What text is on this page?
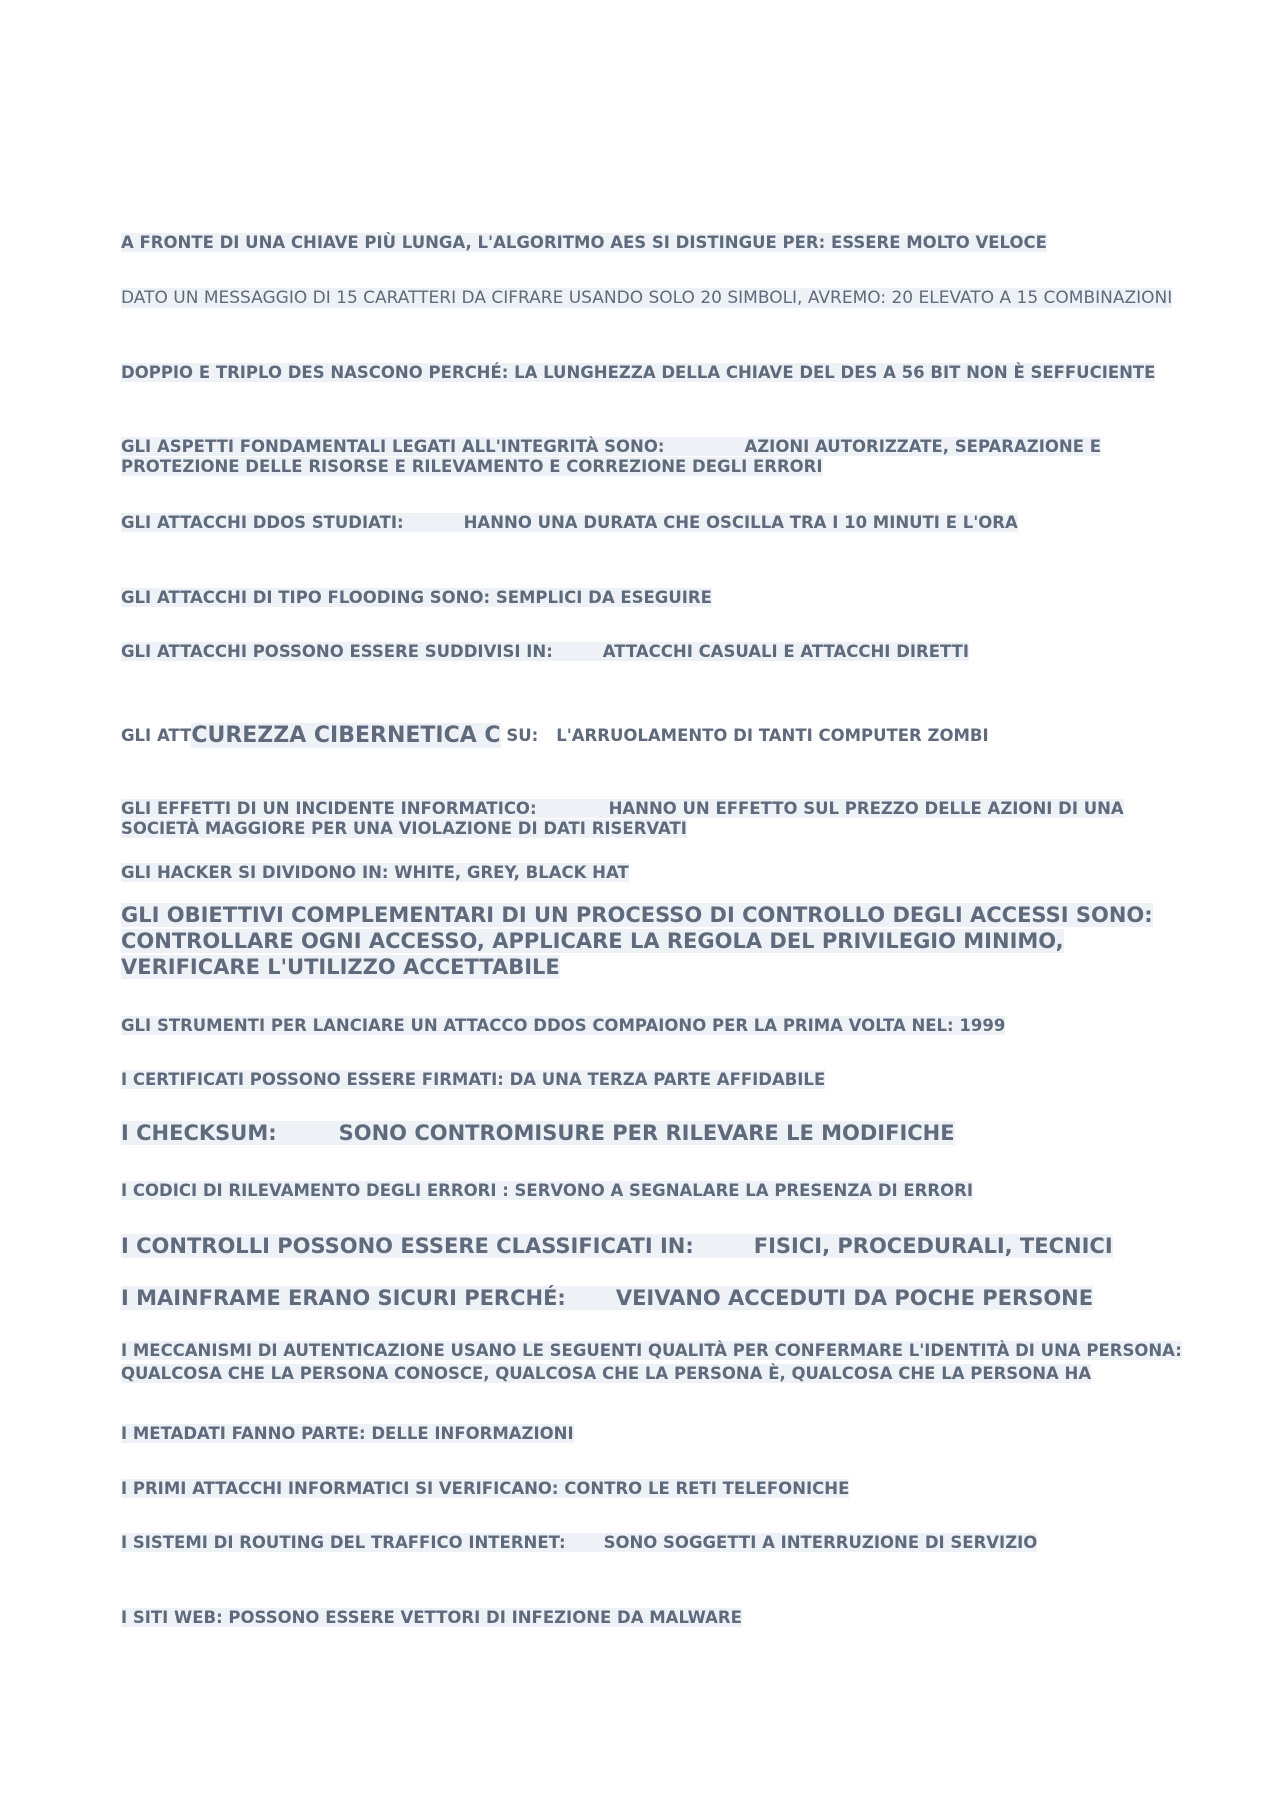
A FRONTE DI UNA CHIAVE PIÙ LUNGA, L'ALGORITMO AES SI DISTINGUE PER: ESSERE MOLTO VELOCE

DATO UN MESSAGGIO DI 15 CARATTERI DA CIFRARE USANDO SOLO 20 SIMBOLI, AVREMO: 20 ELEVATO A 15 COMBINAZIONI

DOPPIO E TRIPLO DES NASCONO PERCHÉ: LA LUNGHEZZA DELLA CHIAVE DEL DES A 56 BIT NON È SEFFUCIENTE

GLI ASPETTI FONDAMENTALI LEGATI ALL'INTEGRITÀ SONO:	AZIONI AUTORIZZATE, SEPARAZIONE E PROTEZIONE DELLE RISORSE E RILEVAMENTO E CORREZIONE DEGLI ERRORI

GLI ATTACCHI DDOS STUDIATI:	HANNO UNA DURATA CHE OSCILLA TRA I 10 MINUTI E L'ORA

GLI ATTACCHI DI TIPO FLOODING SONO: SEMPLICI DA ESEGUIRE

GLI ATTACCHI POSSONO ESSERE SUDDIVISI IN:	ATTACCHI CASUALI E ATTACCHI DIRETTI

GLI ATTCUREZZA CIBERNETICA C SU: L'ARRUOLAMENTO DI TANTI COMPUTER ZOMBI

GLI EFFETTI DI UN INCIDENTE INFORMATICO:	HANNO UN EFFETTO SUL PREZZO DELLE AZIONI DI UNA SOCIETÀ MAGGIORE PER UNA VIOLAZIONE DI DATI RISERVATI

GLI HACKER SI DIVIDONO IN: WHITE, GREY, BLACK HAT

GLI OBIETTIVI COMPLEMENTARI DI UN PROCESSO DI CONTROLLO DEGLI ACCESSI SONO: CONTROLLARE OGNI ACCESSO, APPLICARE LA REGOLA DEL PRIVILEGIO MINIMO, VERIFICARE L'UTILIZZO ACCETTABILE

GLI STRUMENTI PER LANCIARE UN ATTACCO DDOS COMPAIONO PER LA PRIMA VOLTA NEL: 1999

I CERTIFICATI POSSONO ESSERE FIRMATI: DA UNA TERZA PARTE AFFIDABILE

I CHECKSUM:	SONO CONTROMISURE PER RILEVARE LE MODIFICHE

I CODICI DI RILEVAMENTO DEGLI ERRORI : SERVONO A SEGNALARE LA PRESENZA DI ERRORI

I CONTROLLI POSSONO ESSERE CLASSIFICATI IN:	FISICI, PROCEDURALI, TECNICI

I MAINFRAME ERANO SICURI PERCHÉ: VEIVANO ACCEDUTI DA POCHE PERSONE

I MECCANISMI DI AUTENTICAZIONE USANO LE SEGUENTI QUALITÀ PER CONFERMARE L'IDENTITÀ DI UNA PERSONA: QUALCOSA CHE LA PERSONA CONOSCE, QUALCOSA CHE LA PERSONA È, QUALCOSA CHE LA PERSONA HA

I METADATI FANNO PARTE: DELLE INFORMAZIONI

I PRIMI ATTACCHI INFORMATICI SI VERIFICANO: CONTRO LE RETI TELEFONICHE

I SISTEMI DI ROUTING DEL TRAFFICO INTERNET: SONO SOGGETTI A INTERRUZIONE DI SERVIZIO

I SITI WEB: POSSONO ESSERE VETTORI DI INFEZIONE DA MALWARE
